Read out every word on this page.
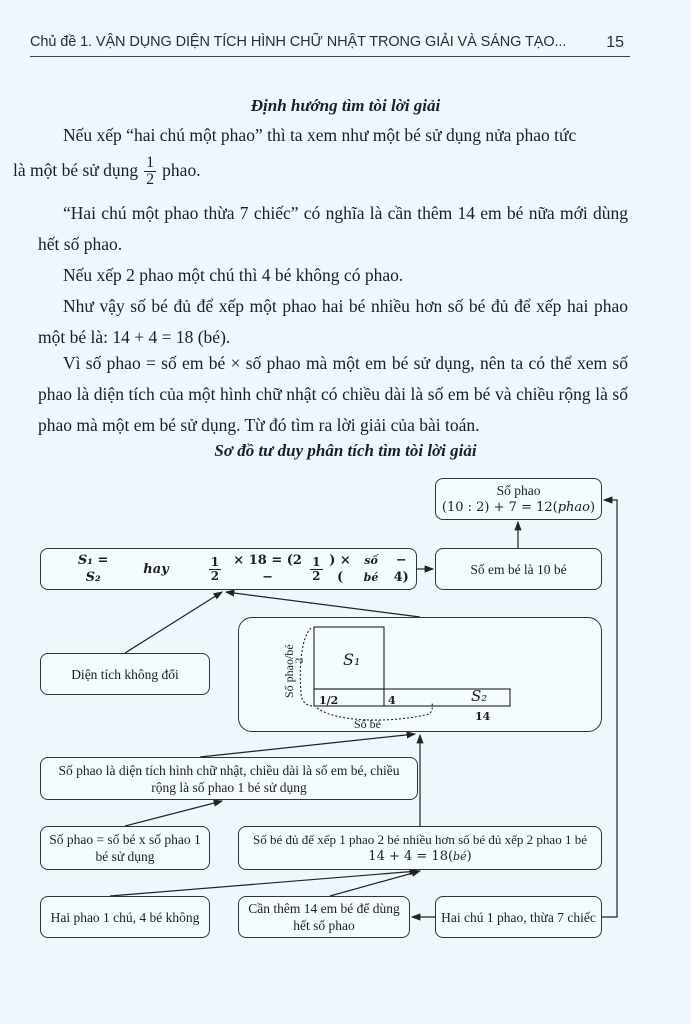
Chủ đề 1. VẬN DỤNG DIỆN TÍCH HÌNH CHỮ NHẬT TRONG GIẢI VÀ SÁNG TẠO... 15
Định hướng tìm tòi lời giải
Nếu xếp “hai chú một phao” thì ta xem như một bé sử dụng nửa phao tức
là một bé sử dụng $\frac{1}{2}$ phao.
“Hai chú một phao thừa 7 chiếc” có nghĩa là cần thêm 14 em bé nữa mới dùng hết số phao.
Nếu xếp 2 phao một chú thì 4 bé không có phao.
Như vậy số bé đủ để xếp một phao hai bé nhiều hơn số bé đủ để xếp hai phao một bé là: 14 + 4 = 18 (bé).
Vì số phao = số em bé × số phao mà một em bé sử dụng, nên ta có thể xem số phao là diện tích của một hình chữ nhật có chiều dài là số em bé và chiều rộng là số phao mà một em bé sử dụng. Từ đó tìm ra lời giải của bài toán.
Sơ đồ tư duy phân tích tìm tòi lời giải
Số phao
(10 : 2) + 7 = 12(phao)
Số em bé là 10 bé
S₁ = S₂
hay	$\frac{1}{2} \times 18 = (2$ −	$\frac{1}{2}$ ) × (
số bé
− 4)
Số phao/bé
2 S₁
S₂
1/2	4
14
Số bé
Diện tích không đổi
Số phao là diện tích hình chữ nhật, chiều dài là số em bé, chiều
rộng là số phao 1 bé sử dụng
Số phao = số bé x số phao 1
bé sử dụng
Số bé đủ để xếp 1 phao 2 bé nhiều hơn số bé đủ xếp 2 phao 1 bé
14 + 4 = 18(bé)
Hai phao 1 chú, 4 bé không
Cần thêm 14 em bé để dùng
hết số phao
Hai chú 1 phao, thừa 7 chiếc
